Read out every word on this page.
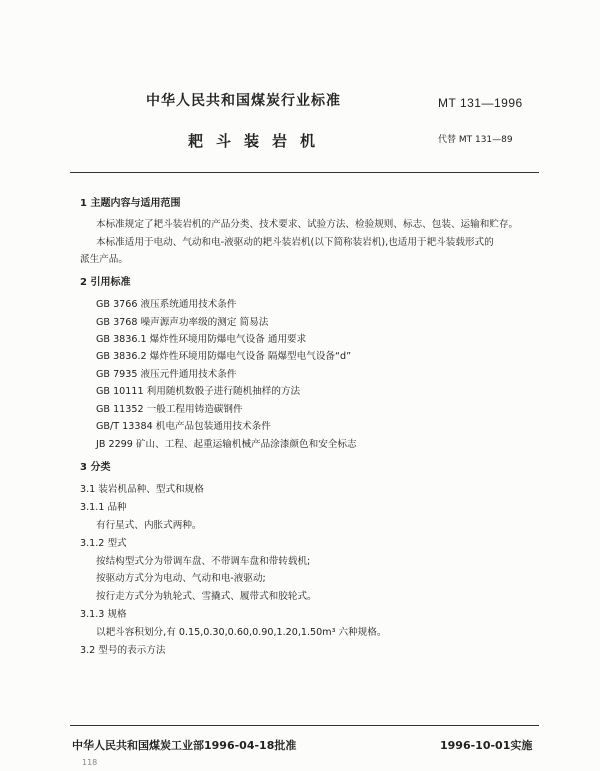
中华人民共和国煤炭行业标准	MT 131—1996
耙斗装岩机	代替 MT 131—89
1 主题内容与适用范围
本标准规定了耙斗装岩机的产品分类、技术要求、试验方法、检验规则、标志、包装、运输和贮存。
本标准适用于电动、气动和电-液驱动的耙斗装岩机(以下简称装岩机),也适用于耙斗装载形式的
派生产品。
2 引用标准
GB 3766 液压系统通用技术条件
GB 3768 噪声源声功率级的测定 简易法
GB 3836.1 爆炸性环境用防爆电气设备 通用要求
GB 3836.2 爆炸性环境用防爆电气设备 隔爆型电气设备“d”
GB 7935 液压元件通用技术条件
GB 10111 利用随机数骰子进行随机抽样的方法
GB 11352 一般工程用铸造碳钢件
GB/T 13384 机电产品包装通用技术条件
JB 2299 矿山、工程、起重运输机械产品涂漆颜色和安全标志
3 分类
3.1 装岩机品种、型式和规格
3.1.1 品种
有行星式、内胀式两种。
3.1.2 型式
按结构型式分为带调车盘、不带调车盘和带转载机;
按驱动方式分为电动、气动和电-液驱动;
按行走方式分为轨轮式、雪撬式、履带式和胶轮式。
3.1.3 规格
以耙斗容积划分,有 0.15,0.30,0.60,0.90,1.20,1.50m³ 六种规格。
3.2 型号的表示方法
中华人民共和国煤炭工业部1996-04-18批准	1996-10-01实施
118
